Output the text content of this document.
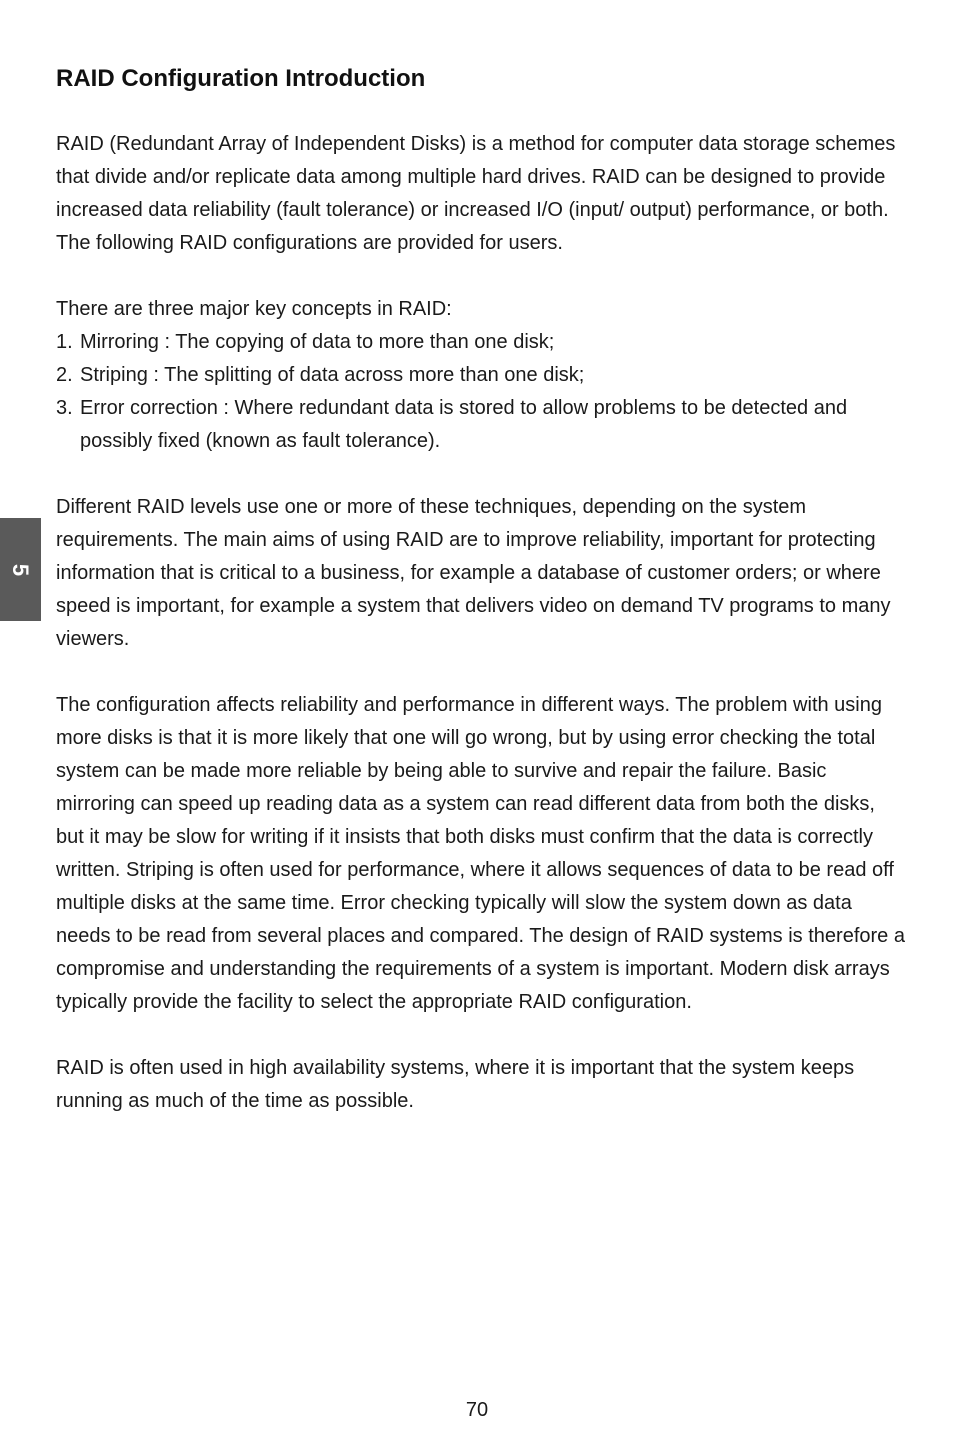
5
RAID Configuration Introduction

RAID (Redundant Array of Independent Disks) is a method for computer data storage schemes that divide and/or replicate data among multiple hard drives. RAID can be designed to provide increased data reliability (fault tolerance) or increased I/O (input/ output) performance, or both. The following RAID configurations are provided for users.

There are three major key concepts in RAID:

1. Mirroring : The copying of data to more than one disk;
2. Striping : The splitting of data across more than one disk;
3. Error correction : Where redundant data is stored to allow problems to be detected and possibly fixed (known as fault tolerance).

Different RAID levels use one or more of these techniques, depending on the system requirements. The main aims of using RAID are to improve reliability, important for protecting information that is critical to a business, for example a database of customer orders; or where speed is important, for example a system that delivers video on demand TV programs to many viewers.

The configuration affects reliability and performance in different ways. The problem with using more disks is that it is more likely that one will go wrong, but by using error checking the total system can be made more reliable by being able to survive and repair the failure. Basic mirroring can speed up reading data as a system can read different data from both the disks, but it may be slow for writing if it insists that both disks must confirm that the data is correctly written. Striping is often used for performance, where it allows sequences of data to be read off multiple disks at the same time. Error checking typically will slow the system down as data needs to be read from several places and compared. The design of RAID systems is therefore a compromise and understanding the requirements of a system is important. Modern disk arrays typically provide the facility to select the appropriate RAID configuration.

RAID is often used in high availability systems, where it is important that the system keeps running as much of the time as possible.

70
